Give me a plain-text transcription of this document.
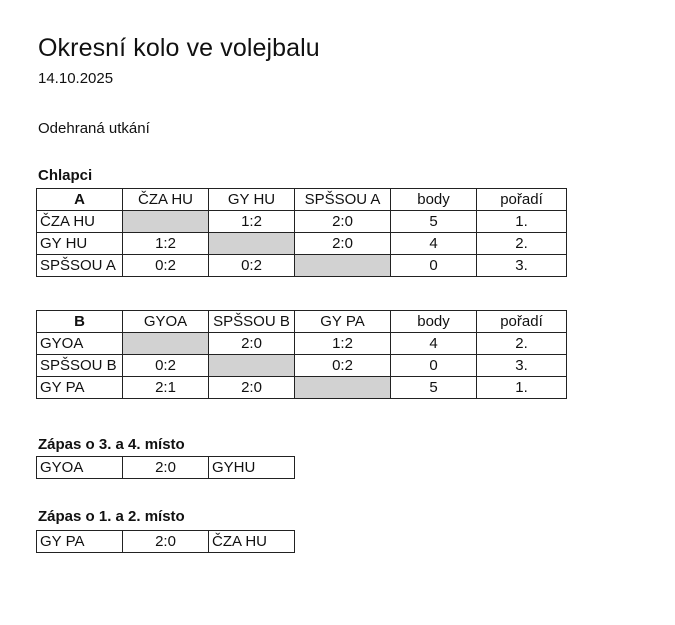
Okresní kolo ve volejbalu
14.10.2025
Odehraná utkání
Chlapci
A	ČZA HU	GY HU	SPŠSOU A	body	pořadí
ČZA HU		1:2	2:0	5	1.
GY HU	1:2		2:0	4	2.
SPŠSOU A	0:2	0:2		0	3.
B	GYOA	SPŠSOU B	GY PA	body	pořadí
GYOA		2:0	1:2	4	2.
SPŠSOU B	0:2		0:2	0	3.
GY PA	2:1	2:0		5	1.
Zápas o 3. a 4. místo
GYOA	2:0	GYHU
Zápas o 1. a 2. místo
GY PA	2:0	ČZA HU
